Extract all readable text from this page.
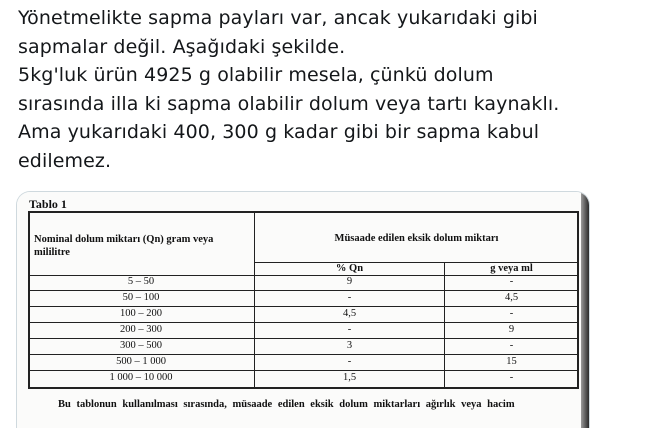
Yönetmelikte sapma payları var, ancak yukarıdaki gibi
sapmalar değil. Aşağıdaki şekilde.
5kg'luk ürün 4925 g olabilir mesela, çünkü dolum
sırasında illa ki sapma olabilir dolum veya tartı kaynaklı.
Ama yukarıdaki 400, 300 g kadar gibi bir sapma kabul
edilemez.
Tablo 1
Nominal dolum miktarı (Qn) gram veya mililitre
Müsaade edilen eksik dolum miktarı
% Qn	g veya ml
5 – 50	9	-
50 – 100	-	4,5
100 – 200	4,5	-
200 – 300	-	9
300 – 500	3	-
500 – 1 000	-	15
1 000 – 10 000	1,5	-
Bu tablonun kullanılması sırasında, müsaade edilen eksik dolum miktarları ağırlık veya hacim
